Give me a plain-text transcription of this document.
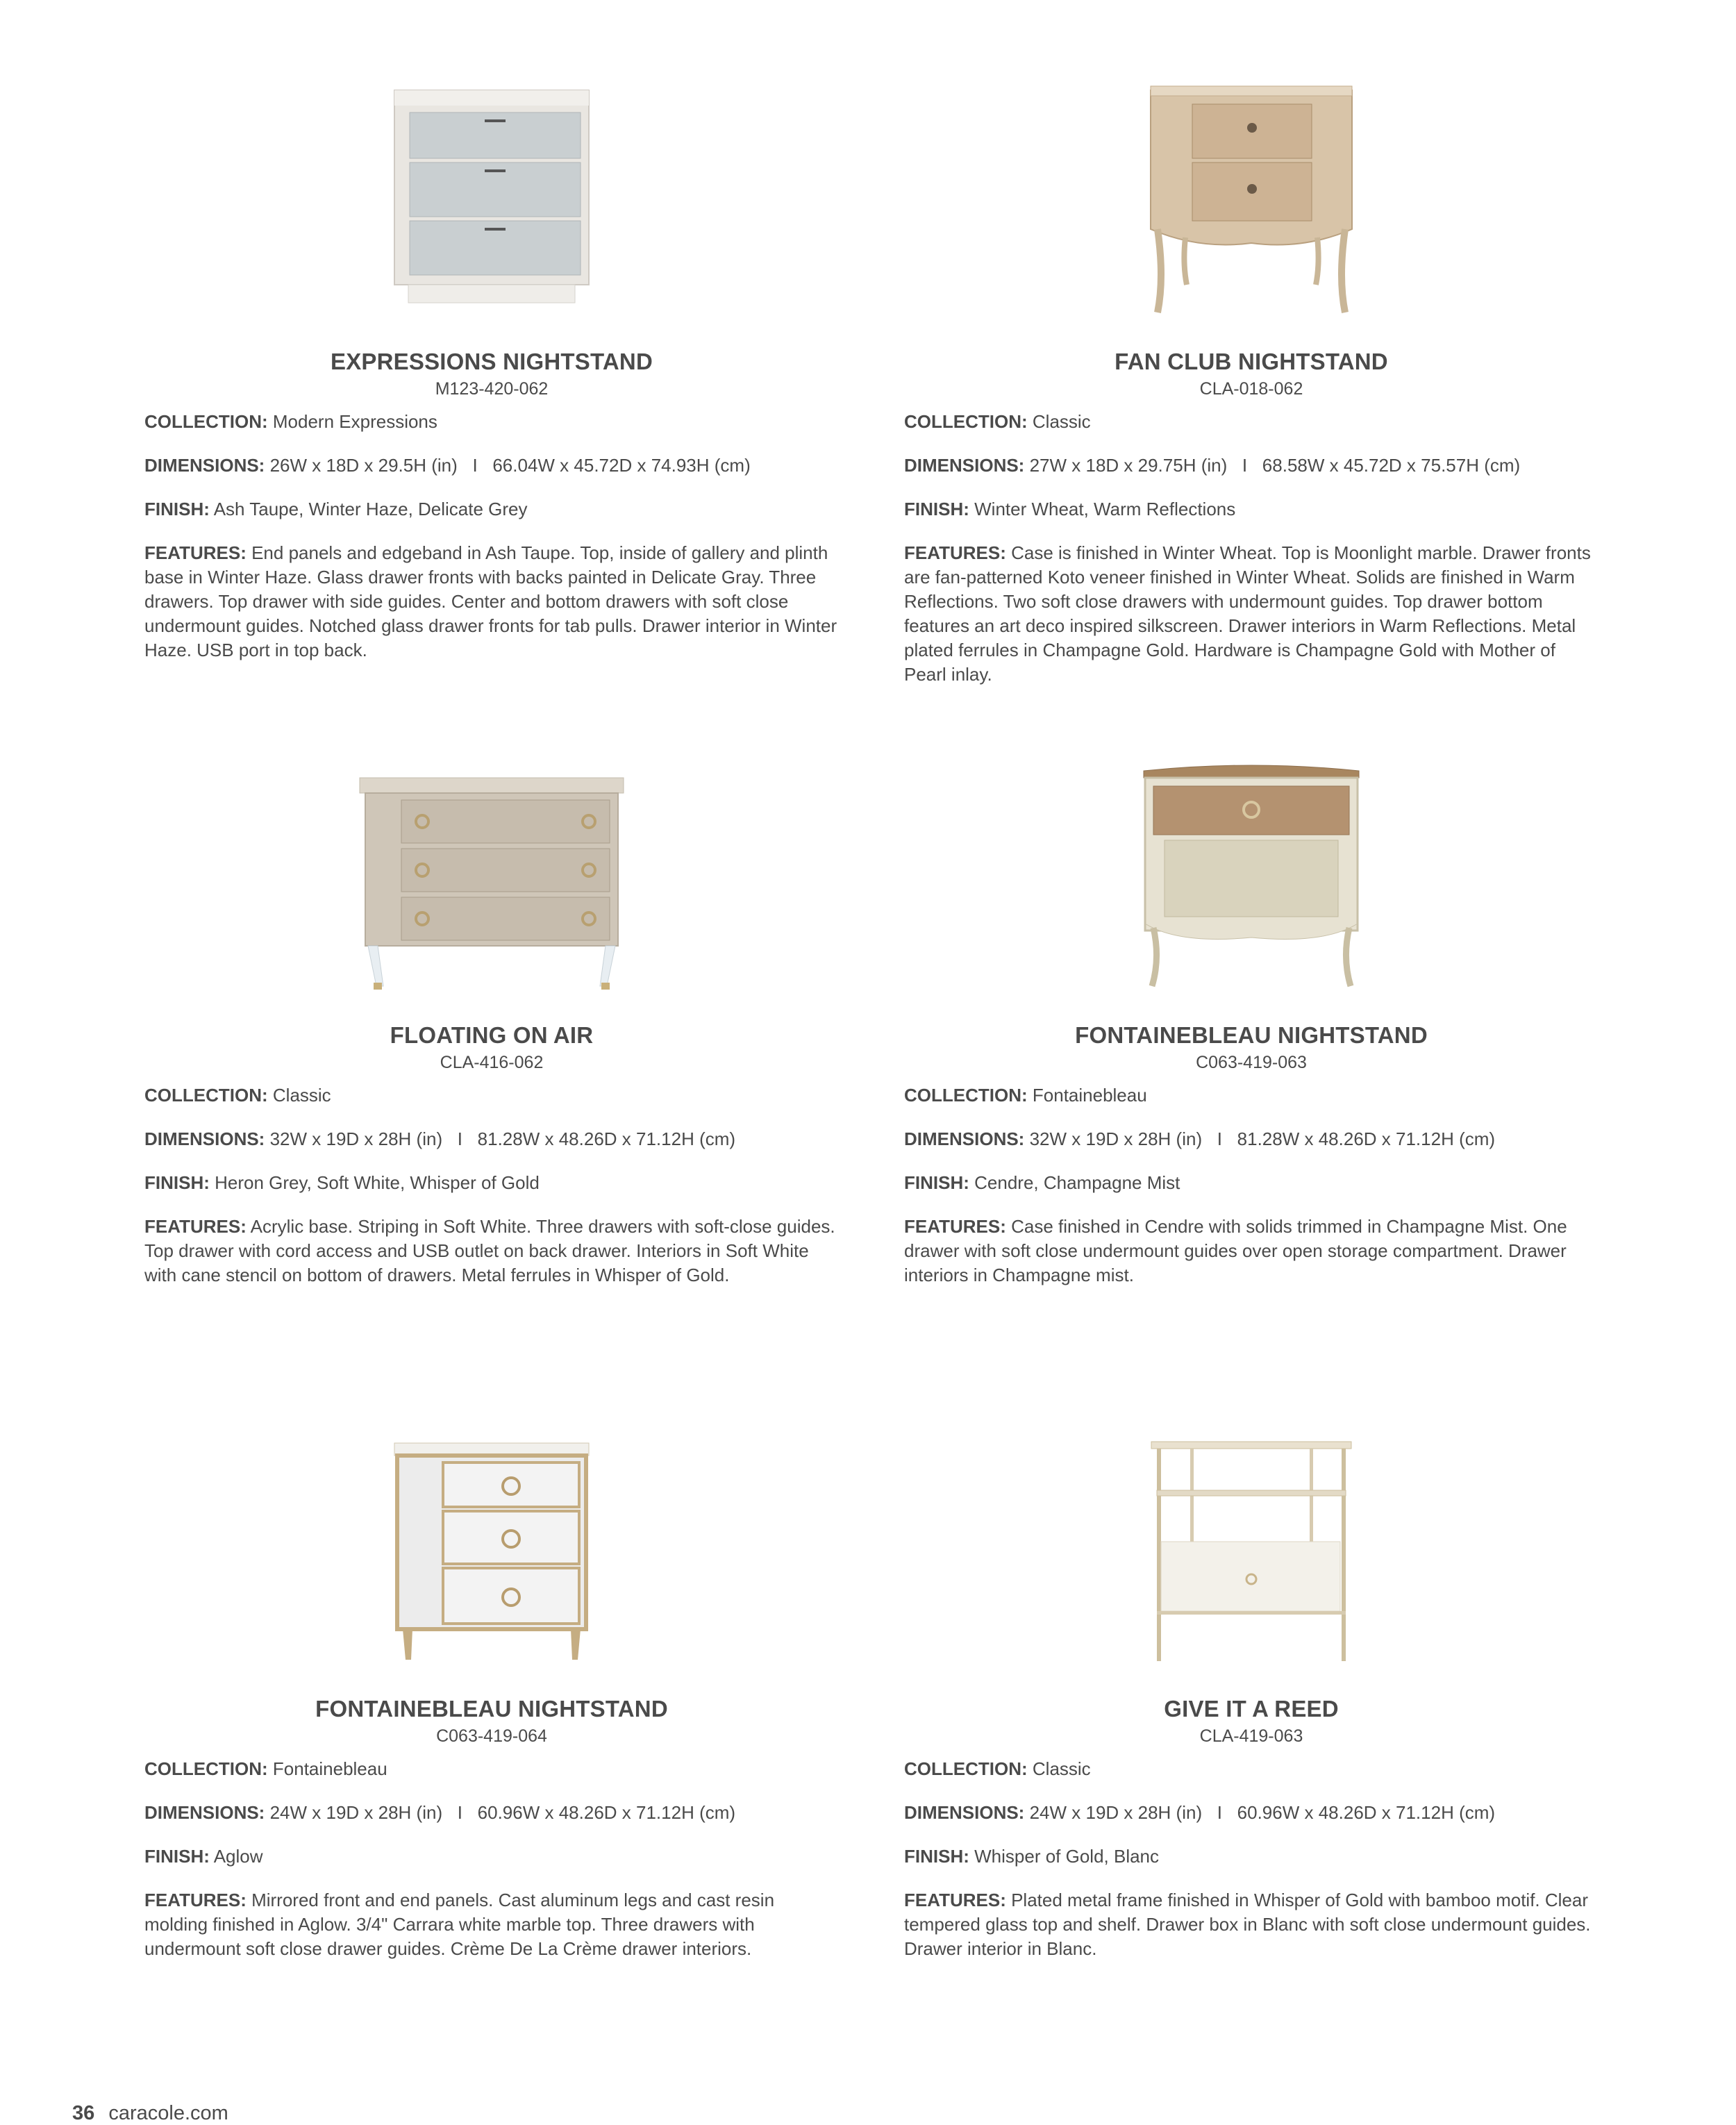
EXPRESSIONS NIGHTSTAND
M123-420-062
COLLECTION: Modern Expressions
DIMENSIONS: 26W x 18D x 29.5H (in)   I   66.04W x 45.72D x 74.93H (cm)
FINISH: Ash Taupe, Winter Haze, Delicate Grey
FEATURES: End panels and edgeband in Ash Taupe. Top, inside of gallery and plinth base in Winter Haze. Glass drawer fronts with backs painted in Delicate Gray. Three drawers. Top drawer with side guides. Center and bottom drawers with soft close undermount guides. Notched glass drawer fronts for tab pulls. Drawer interior in Winter Haze. USB port in top back.
FAN CLUB NIGHTSTAND
CLA-018-062
COLLECTION: Classic
DIMENSIONS: 27W x 18D x 29.75H (in)   I   68.58W x 45.72D x 75.57H (cm)
FINISH: Winter Wheat, Warm Reflections
FEATURES: Case is finished in Winter Wheat. Top is Moonlight marble. Drawer fronts are fan-patterned Koto veneer finished in Winter Wheat. Solids are finished in Warm Reflections. Two soft close drawers with undermount guides. Top drawer bottom features an art deco inspired silkscreen. Drawer interiors in Warm Reflections. Metal plated ferrules in Champagne Gold. Hardware is Champagne Gold with Mother of Pearl inlay.
FLOATING ON AIR
CLA-416-062
COLLECTION: Classic
DIMENSIONS: 32W x 19D x 28H (in)   I   81.28W x 48.26D x 71.12H (cm)
FINISH: Heron Grey, Soft White, Whisper of Gold
FEATURES: Acrylic base. Striping in Soft White. Three drawers with soft-close guides. Top drawer with cord access and USB outlet on back drawer. Interiors in Soft White with cane stencil on bottom of drawers. Metal ferrules in Whisper of Gold.
FONTAINEBLEAU NIGHTSTAND
C063-419-063
COLLECTION: Fontainebleau
DIMENSIONS: 32W x 19D x 28H (in)   I   81.28W x 48.26D x 71.12H (cm)
FINISH: Cendre, Champagne Mist
FEATURES: Case finished in Cendre with solids trimmed in Champagne Mist. One drawer with soft close undermount guides over open storage compartment. Drawer interiors in Champagne mist.
FONTAINEBLEAU NIGHTSTAND
C063-419-064
COLLECTION: Fontainebleau
DIMENSIONS: 24W x 19D x 28H (in)   I   60.96W x 48.26D x 71.12H (cm)
FINISH: Aglow
FEATURES: Mirrored front and end panels. Cast aluminum legs and cast resin molding finished in Aglow. 3/4" Carrara white marble top. Three drawers with undermount soft close drawer guides. Crème De La Crème drawer interiors.
GIVE IT A REED
CLA-419-063
COLLECTION: Classic
DIMENSIONS: 24W x 19D x 28H (in)   I   60.96W x 48.26D x 71.12H (cm)
FINISH: Whisper of Gold, Blanc
FEATURES: Plated metal frame finished in Whisper of Gold with bamboo motif. Clear tempered glass top and shelf. Drawer box in Blanc with soft close undermount guides. Drawer interior in Blanc.
36 caracole.com
